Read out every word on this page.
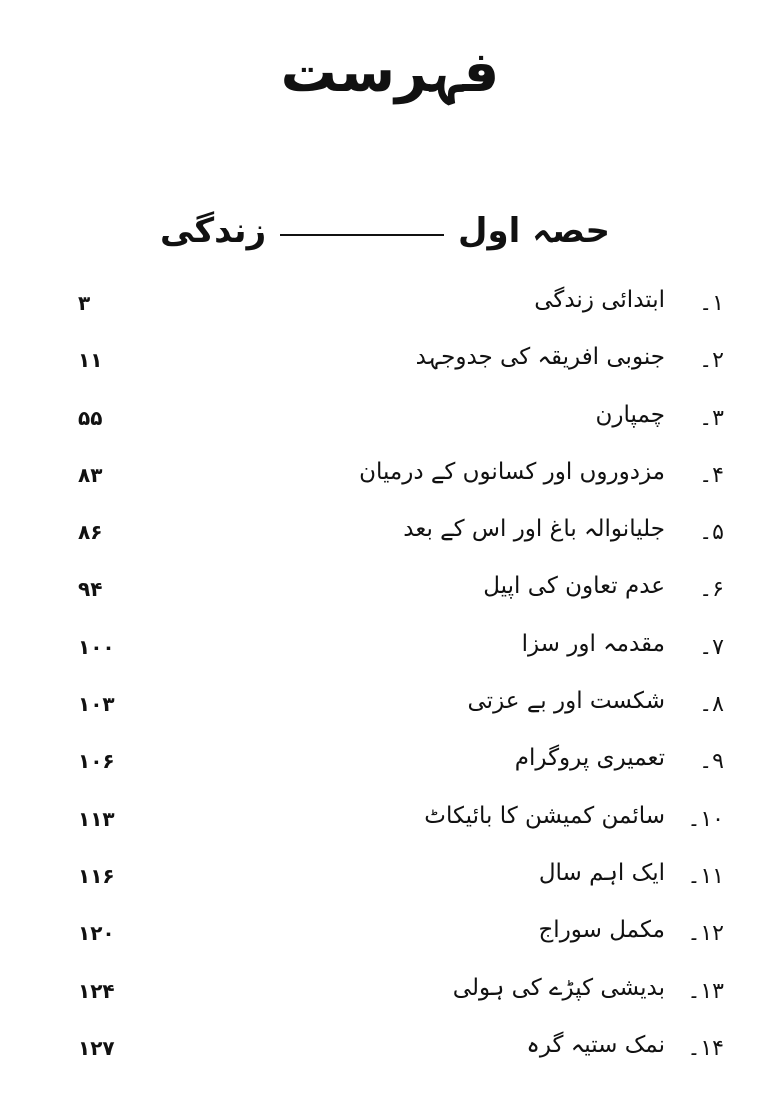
فہرست
حصہ اول
زندگی
۱۔
ابتدائی زندگی
۳
۲۔
جنوبی افریقہ کی جدوجہد
۱۱
۳۔
چمپارن
۵۵
۴۔
مزدوروں اور کسانوں کے درمیان
۸۳
۵۔
جلیانوالہ باغ اور اس کے بعد
۸۶
۶۔
عدم تعاون کی اپیل
۹۴
۷۔
مقدمہ اور سزا
۱۰۰
۸۔
شکست اور بے عزتی
۱۰۳
۹۔
تعمیری پروگرام
۱۰۶
۱۰۔
سائمن کمیشن کا بائیکاٹ
۱۱۳
۱۱۔
ایک اہم سال
۱۱۶
۱۲۔
مکمل سوراج
۱۲۰
۱۳۔
بدیشی کپڑے کی ہولی
۱۲۴
۱۴۔
نمک ستیہ گرہ
۱۲۷
